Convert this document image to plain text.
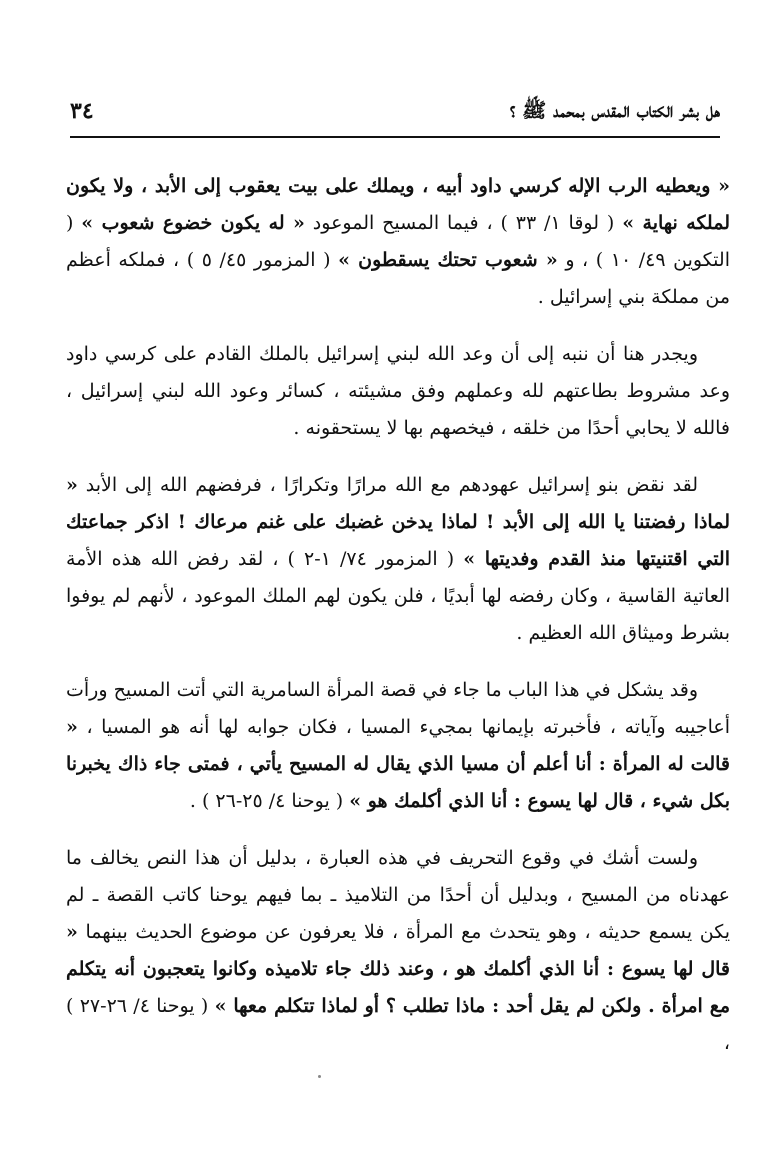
هل بشر الكتاب المقدس بمحمد ﷺ ؟
٣٤

« ويعطيه الرب الإله كرسي داود أبيه ، ويملك على بيت يعقوب إلى الأبد ، ولا يكون لملكه نهاية » ( لوقا ١/ ٣٣ ) ، فيما المسيح الموعود « له يكون خضوع شعوب » ( التكوين ٤٩/ ١٠ ) ، و « شعوب تحتك يسقطون » ( المزمور ٤٥/ ٥ ) ، فملكه أعظم من مملكة بني إسرائيل .

ويجدر هنا أن ننبه إلى أن وعد الله لبني إسرائيل بالملك القادم على كرسي داود وعد مشروط بطاعتهم لله وعملهم وفق مشيئته ، كسائر وعود الله لبني إسرائيل ، فالله لا يحابي أحدًا من خلقه ، فيخصهم بها لا يستحقونه .

لقد نقض بنو إسرائيل عهودهم مع الله مرارًا وتكرارًا ، فرفضهم الله إلى الأبد « لماذا رفضتنا يا الله إلى الأبد ! لماذا يدخن غضبك على غنم مرعاك ! اذكر جماعتك التي اقتنيتها منذ القدم وفديتها » ( المزمور ٧٤/ ١-٢ ) ، لقد رفض الله هذه الأمة العاتية القاسية ، وكان رفضه لها أبديًا ، فلن يكون لهم الملك الموعود ، لأنهم لم يوفوا بشرط وميثاق الله العظيم .

وقد يشكل في هذا الباب ما جاء في قصة المرأة السامرية التي أتت المسيح ورأت أعاجيبه وآياته ، فأخبرته بإيمانها بمجيء المسيا ، فكان جوابه لها أنه هو المسيا ، « قالت له المرأة : أنا أعلم أن مسيا الذي يقال له المسيح يأتي ، فمتى جاء ذاك يخبرنا بكل شيء ، قال لها يسوع : أنا الذي أكلمك هو » ( يوحنا ٤/ ٢٥-٢٦ ) .

ولست أشك في وقوع التحريف في هذه العبارة ، بدليل أن هذا النص يخالف ما عهدناه من المسيح ، وبدليل أن أحدًا من التلاميذ ـ بما فيهم يوحنا كاتب القصة ـ لم يكن يسمع حديثه ، وهو يتحدث مع المرأة ، فلا يعرفون عن موضوع الحديث بينهما « قال لها يسوع : أنا الذي أكلمك هو ، وعند ذلك جاء تلاميذه وكانوا يتعجبون أنه يتكلم مع امرأة . ولكن لم يقل أحد : ماذا تطلب ؟ أو لماذا تتكلم معها » ( يوحنا ٤/ ٢٦-٢٧ ) ،
